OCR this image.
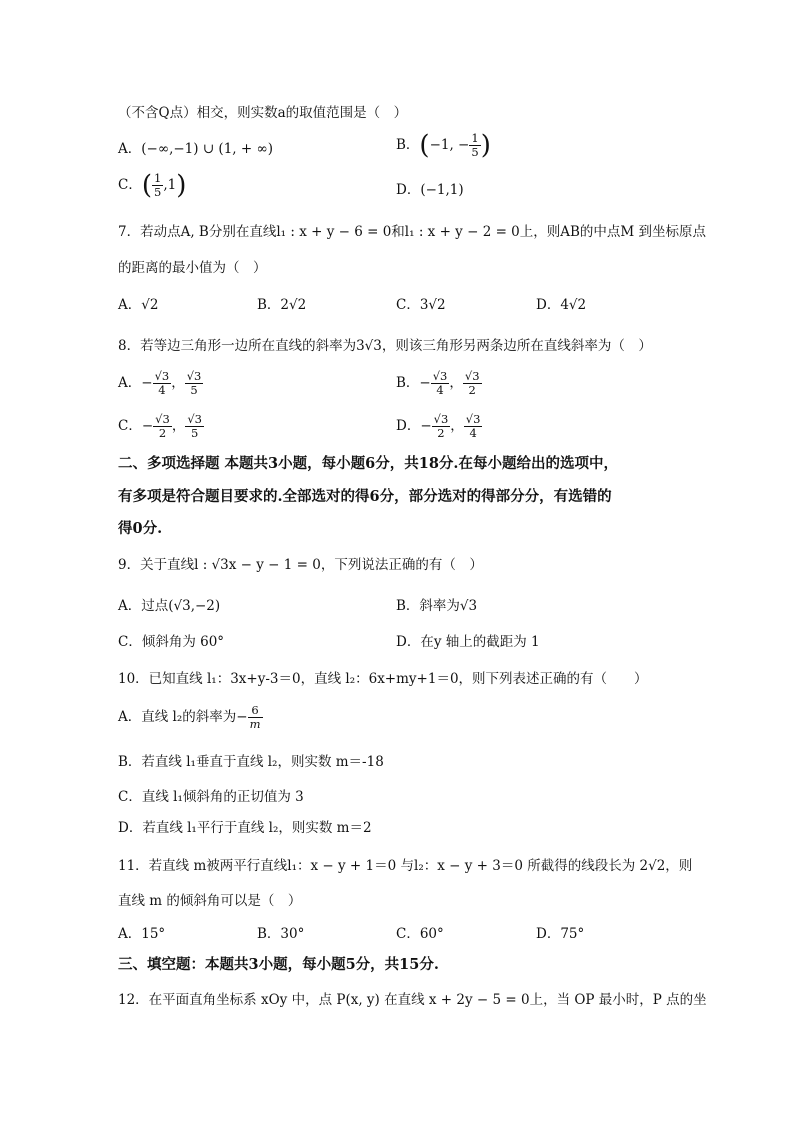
（不含Q点）相交，则实数a的取值范围是（　）
A．(−∞,−1) ∪ (1, + ∞)	B．(−1, − $\frac{1}{5}$ )
C．( $\frac{1}{5} ,1$)	D．(−1,1)
7．若动点A, B分别在直线l₁ : x + y − 6 = 0和l₁ : x + y − 2 = 0上，则AB的中点M 到坐标原点
的距离的最小值为（　）
A．√2	B．2√2	C．3√2	D．4√2
8．若等边三角形一边所在直线的斜率为3√3，则该三角形另两条边所在直线斜率为（　）
A．− $\frac{√3}{4}$ ， $\frac{√3}{5}$	B．− $\frac{√3}{4}$ ， $\frac{√3}{2}$
C．− $\frac{√3}{2}$ ， $\frac{√3}{5}$	D．− $\frac{√3}{2}$ ， $\frac{√3}{4}$
二、多项选择题 本题共3小题，每小题6分，共18分.在每小题给出的选项中，
有多项是符合题目要求的.全部选对的得6分，部分选对的得部分分，有选错的
得0分.
9．关于直线l : √3x − y − 1 = 0，下列说法正确的有（　）
A．过点(√3,−2)	B．斜率为√3
C．倾斜角为 60°	D．在y 轴上的截距为 1
10．已知直线 l₁：3x+y-3＝0，直线 l₂：6x+my+1＝0，则下列表述正确的有（　　）
A．直线 l₂的斜率为− $\frac{6}{m}$
B．若直线 l₁垂直于直线 l₂，则实数 m＝-18
C．直线 l₁倾斜角的正切值为 3
D．若直线 l₁平行于直线 l₂，则实数 m＝2
11．若直线 m被两平行直线l₁：x − y + 1＝0 与l₂：x − y + 3＝0 所截得的线段长为 2√2，则
直线 m 的倾斜角可以是（　）
A．15°	B．30°	C．60°	D．75°
三、填空题：本题共3小题，每小题5分，共15分.
12．在平面直角坐标系 xOy 中，点 P(x, y) 在直线 x + 2y − 5 = 0上，当 OP 最小时，P 点的坐
